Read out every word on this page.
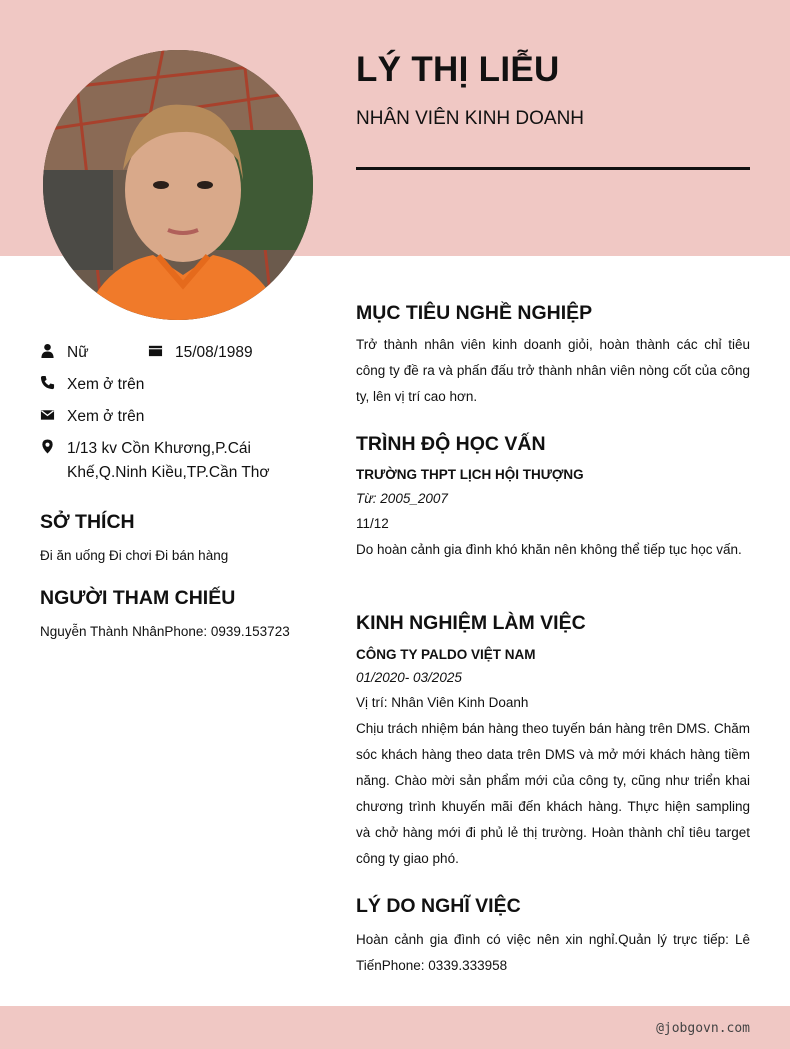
LÝ THỊ LIỄU
NHÂN VIÊN KINH DOANH
Nữ	15/08/1989
Xem ở trên
Xem ở trên
1/13 kv Cồn Khương,P.Cái
Khế,Q.Ninh Kiều,TP.Cần Thơ
SỞ THÍCH
Đi ăn uống Đi chơi Đi bán hàng
NGƯỜI THAM CHIẾU
Nguyễn Thành NhânPhone: 0939.153723
MỤC TIÊU NGHỀ NGHIỆP
Trở thành nhân viên kinh doanh giỏi, hoàn thành các chỉ tiêu công ty đề ra và phấn đấu trở thành nhân viên nòng cốt của công ty, lên vị trí cao hơn.
TRÌNH ĐỘ HỌC VẤN
TRƯỜNG THPT LỊCH HỘI THƯỢNG
Từ: 2005_2007
11/12
Do hoàn cảnh gia đình khó khăn nên không thể tiếp tục học vấn.
KINH NGHIỆM LÀM VIỆC
CÔNG TY PALDO VIỆT NAM
01/2020- 03/2025
Vị trí: Nhân Viên Kinh Doanh
Chịu trách nhiệm bán hàng theo tuyến bán hàng trên DMS. Chăm sóc khách hàng theo data trên DMS và mở mới khách hàng tiềm năng. Chào mời sản phẩm mới của công ty, cũng như triển khai chương trình khuyến mãi đến khách hàng. Thực hiện sampling và chở hàng mới đi phủ lẻ thị trường. Hoàn thành chỉ tiêu target công ty giao phó.
LÝ DO NGHĨ VIỆC
Hoàn cảnh gia đình có việc nên xin nghỉ.Quản lý trực tiếp: Lê TiếnPhone: 0339.333958
@jobgovn.com
